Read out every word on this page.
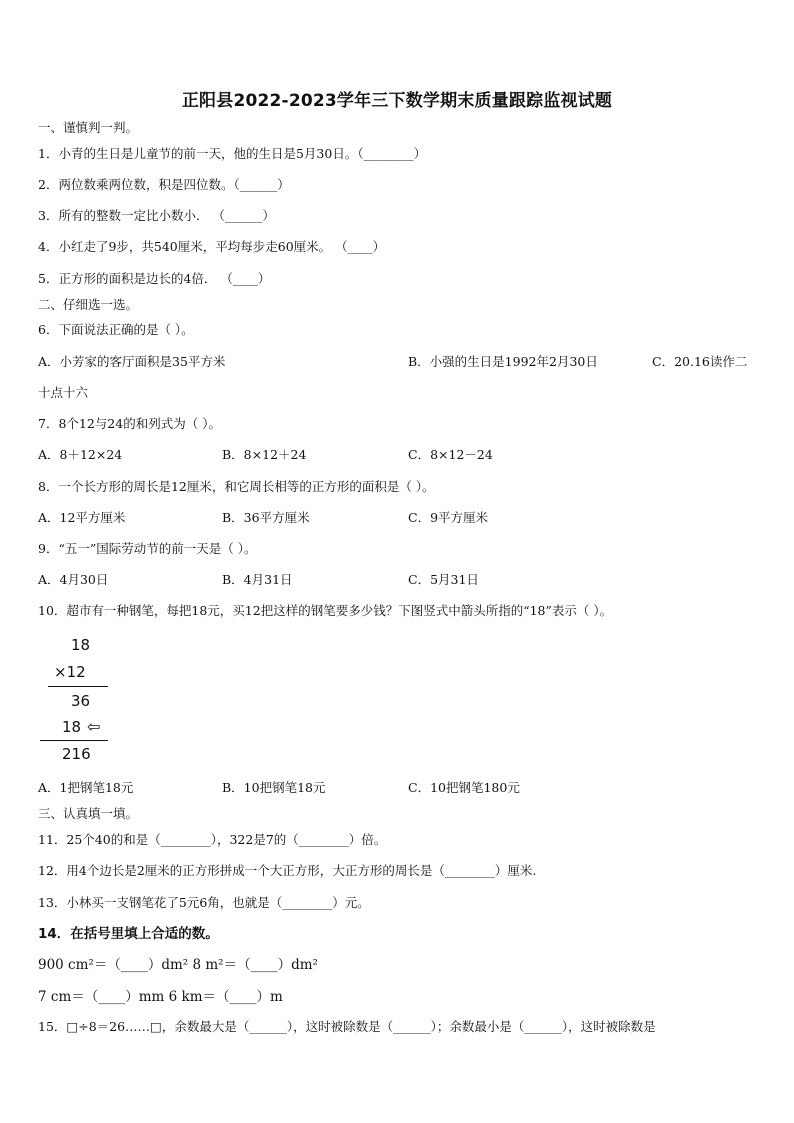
正阳县2022-2023学年三下数学期末质量跟踪监视试题
一、谨慎判一判。
1．小青的生日是儿童节的前一天，他的生日是5月30日。（________）
2．两位数乘两位数，积是四位数。（______）
3．所有的整数一定比小数小． （______）
4．小红走了9步，共540厘米，平均每步走60厘米。 （____）
5．正方形的面积是边长的4倍． （____）
二、仔细选一选。
6．下面说法正确的是（ ）。
A．小芳家的客厅面积是35平方米	B．小强的生日是1992年2月30日	C．20.16读作二
十点十六
7．8个12与24的和列式为（ ）。
A．8＋12×24	B．8×12＋24	C．8×12－24
8．一个长方形的周长是12厘米，和它周长相等的正方形的面积是（ ）。
A．12平方厘米	B．36平方厘米	C．9平方厘米
9．“五一”国际劳动节的前一天是（ ）。
A．4月30日	B．4月31日	C．5月31日
10．超市有一种钢笔，每把18元，买12把这样的钢笔要多少钱？下图竖式中箭头所指的“18”表示（ ）。
18
×12
36
18 ⇦
216
A．1把钢笔18元	B．10把钢笔18元	C．10把钢笔180元
三、认真填一填。
11．25个40的和是（________），322是7的（________）倍。
12．用4个边长是2厘米的正方形拼成一个大正方形，大正方形的周长是（________）厘米.
13．小林买一支钢笔花了5元6角，也就是（________）元。
14．在括号里填上合适的数。
900 cm²＝（____）dm² 8 m²＝（____）dm²
7 cm＝（____）mm 6 km＝（____）m
15．□÷8＝26……□，余数最大是（______），这时被除数是（______）；余数最小是（______），这时被除数是
